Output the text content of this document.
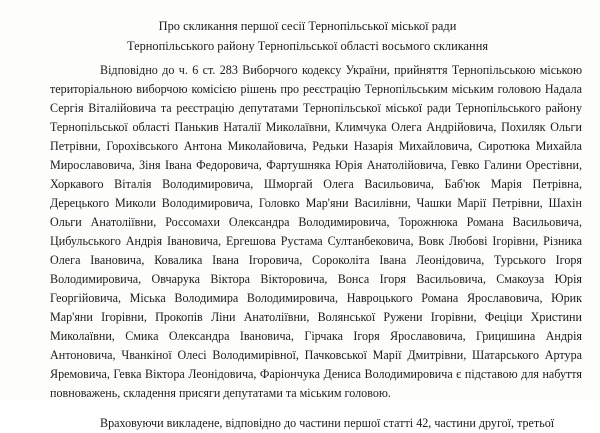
Про скликання першої сесії Тернопільської міської ради
Тернопільського району Тернопільської області восьмого скликання

Відповідно до ч. 6 ст. 283 Виборчого кодексу України, прийняття Тернопільською міською територіальною виборчою комісією рішень про реєстрацію Тернопільським міським головою Надала Сергія Віталійовича та реєстрацію депутатами Тернопільської міської ради Тернопільського району Тернопільської області Панькив Наталії Миколаївни, Климчука Олега Андрійовича, Похиляк Ольги Петрівни, Горохівського Антона Миколайовича, Редьки Назарія Михайловича, Сиротюка Михайла Мирославовича, Зіня Івана Федоровича, Фартушняка Юрія Анатолійовича, Гевко Галини Орестівни, Хоркавого Віталія Володимировича, Шморгай Олега Васильовича, Баб'юк Марія Петрівна, Дерецького Миколи Володимировича, Головко Мар'яни Василівни, Чашки Марії Петрівни, Шахін Ольги Анатоліївни, Россомахи Олександра Володимировича, Торожнюка Романа Васильовича, Цибульського Андрія Івановича, Ергешова Рустама Султанбековича, Вовк Любові Ігорівни, Різника Олега Івановича, Ковалика Івана Ігоровича, Сороколіта Івана Леонідовича, Турського Ігоря Володимировича, Овчарука Віктора Вікторовича, Вонса Ігоря Васильовича, Смакоуза Юрія Георгійовича, Міська Володимира Володимировича, Навроцького Романа Ярославовича, Юрик Мар'яни Ігорівни, Прокопів Ліни Анатоліївни, Волянської Ружени Ігорівни, Феціци Христини Миколаївни, Смика Олександра Івановича, Гірчака Ігоря Ярославовича, Грицишина Андрія Антоновича, Чванкіної Олесі Володимирівної, Пачковської Марії Дмитрівни, Шатарського Артура Яремовича, Гевка Віктора Леонідовича, Фаріончука Дениса Володимировича є підставою для набуття повноважень, складення присяги депутатами та міським головою.

Враховуючи викладене, відповідно до частини першої статті 42, частини другої, третьої
